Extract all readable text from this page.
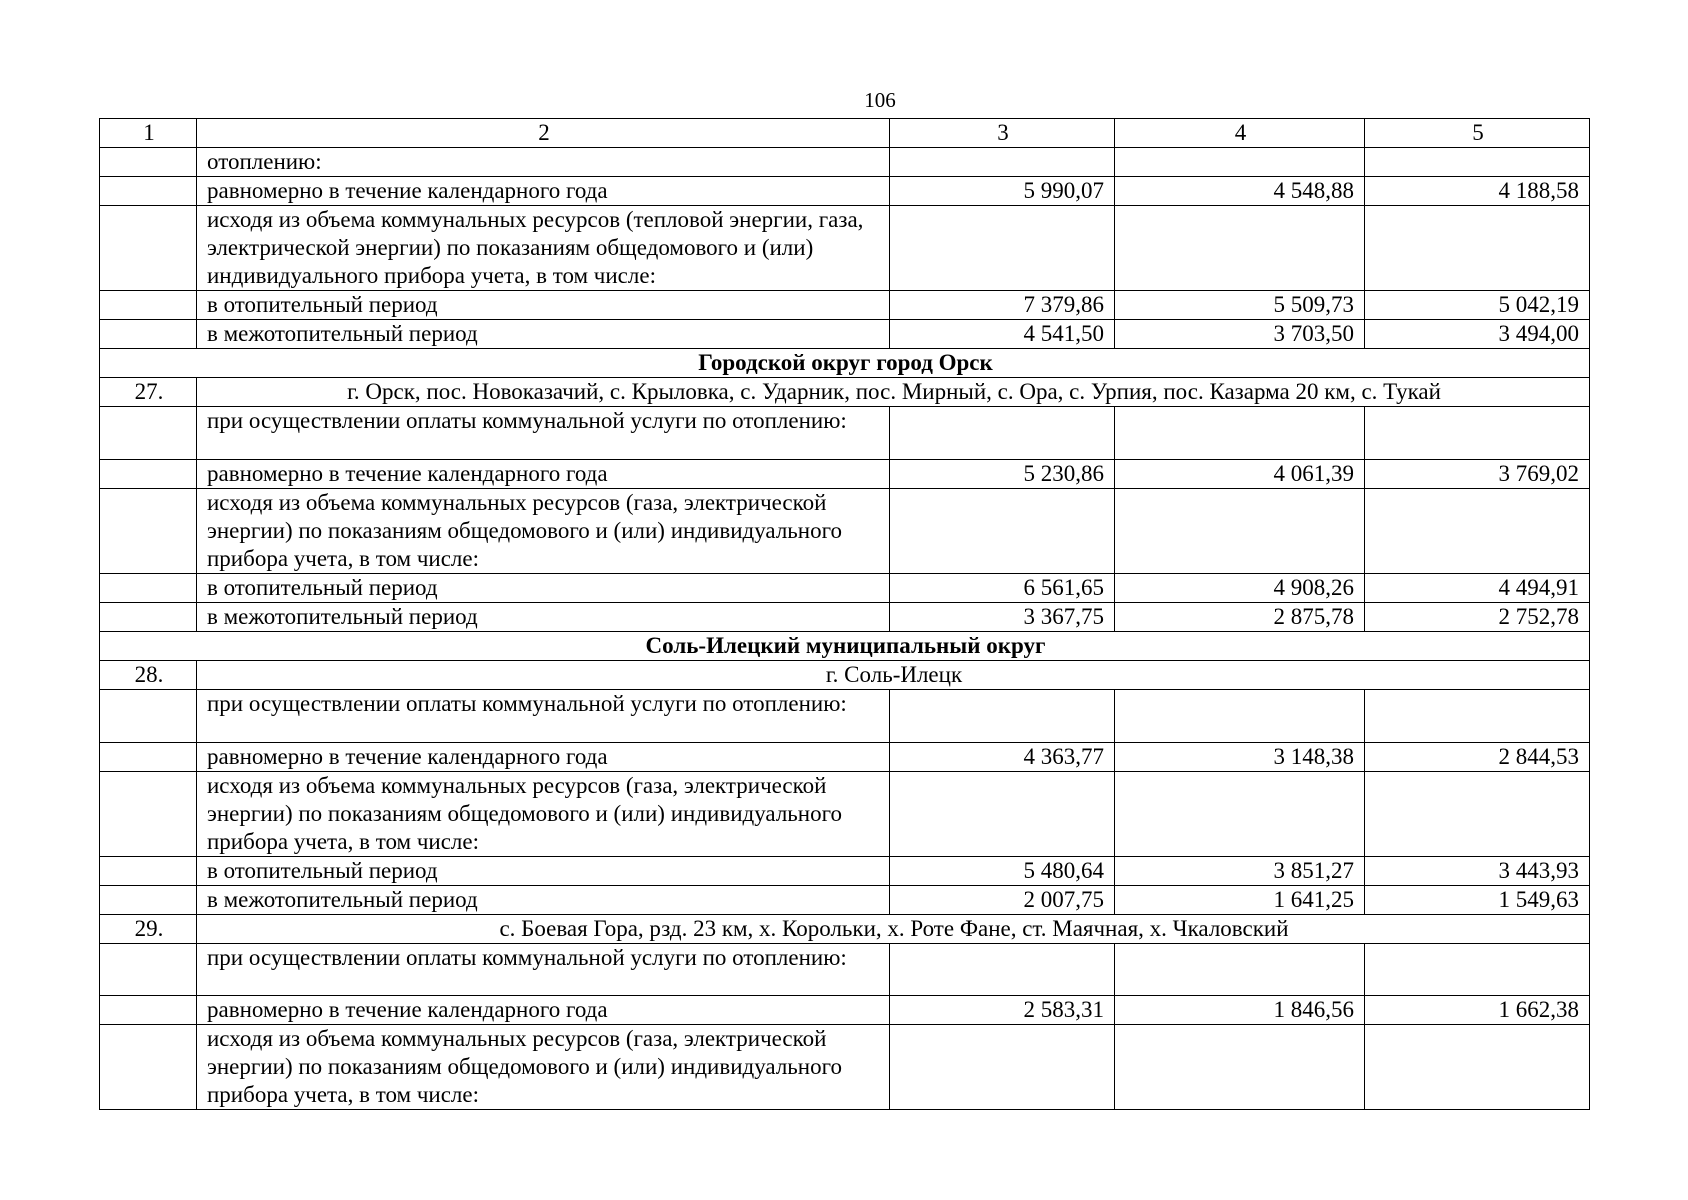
106
1	2	3	4	5
	отоплению:			
	равномерно в течение календарного года	5 990,07	4 548,88	4 188,58
	исходя из объема коммунальных ресурсов (тепловой энергии, газа, электрической энергии) по показаниям общедомового и (или) индивидуального прибора учета, в том числе:			
	в отопительный период	7 379,86	5 509,73	5 042,19
	в межотопительный период	4 541,50	3 703,50	3 494,00
Городской округ город Орск				
27.	г. Орск, пос. Новоказачий, с. Крыловка, с. Ударник, пос. Мирный, с. Ора, с. Урпия, пос. Казарма 20 км, с. Тукай			
	при осуществлении оплаты коммунальной услуги по отоплению:			
	равномерно в течение календарного года	5 230,86	4 061,39	3 769,02
	исходя из объема коммунальных ресурсов (газа, электрической энергии) по показаниям общедомового и (или) индивидуального прибора учета, в том числе:			
	в отопительный период	6 561,65	4 908,26	4 494,91
	в межотопительный период	3 367,75	2 875,78	2 752,78
Соль-Илецкий муниципальный округ				
28.	г. Соль-Илецк			
	при осуществлении оплаты коммунальной услуги по отоплению:			
	равномерно в течение календарного года	4 363,77	3 148,38	2 844,53
	исходя из объема коммунальных ресурсов (газа, электрической энергии) по показаниям общедомового и (или) индивидуального прибора учета, в том числе:			
	в отопительный период	5 480,64	3 851,27	3 443,93
	в межотопительный период	2 007,75	1 641,25	1 549,63
29.	с. Боевая Гора, рзд. 23 км, х. Корольки, х. Роте Фане, ст. Маячная, х. Чкаловский			
	при осуществлении оплаты коммунальной услуги по отоплению:			
	равномерно в течение календарного года	2 583,31	1 846,56	1 662,38
	исходя из объема коммунальных ресурсов (газа, электрической энергии) по показаниям общедомового и (или) индивидуального прибора учета, в том числе:			
